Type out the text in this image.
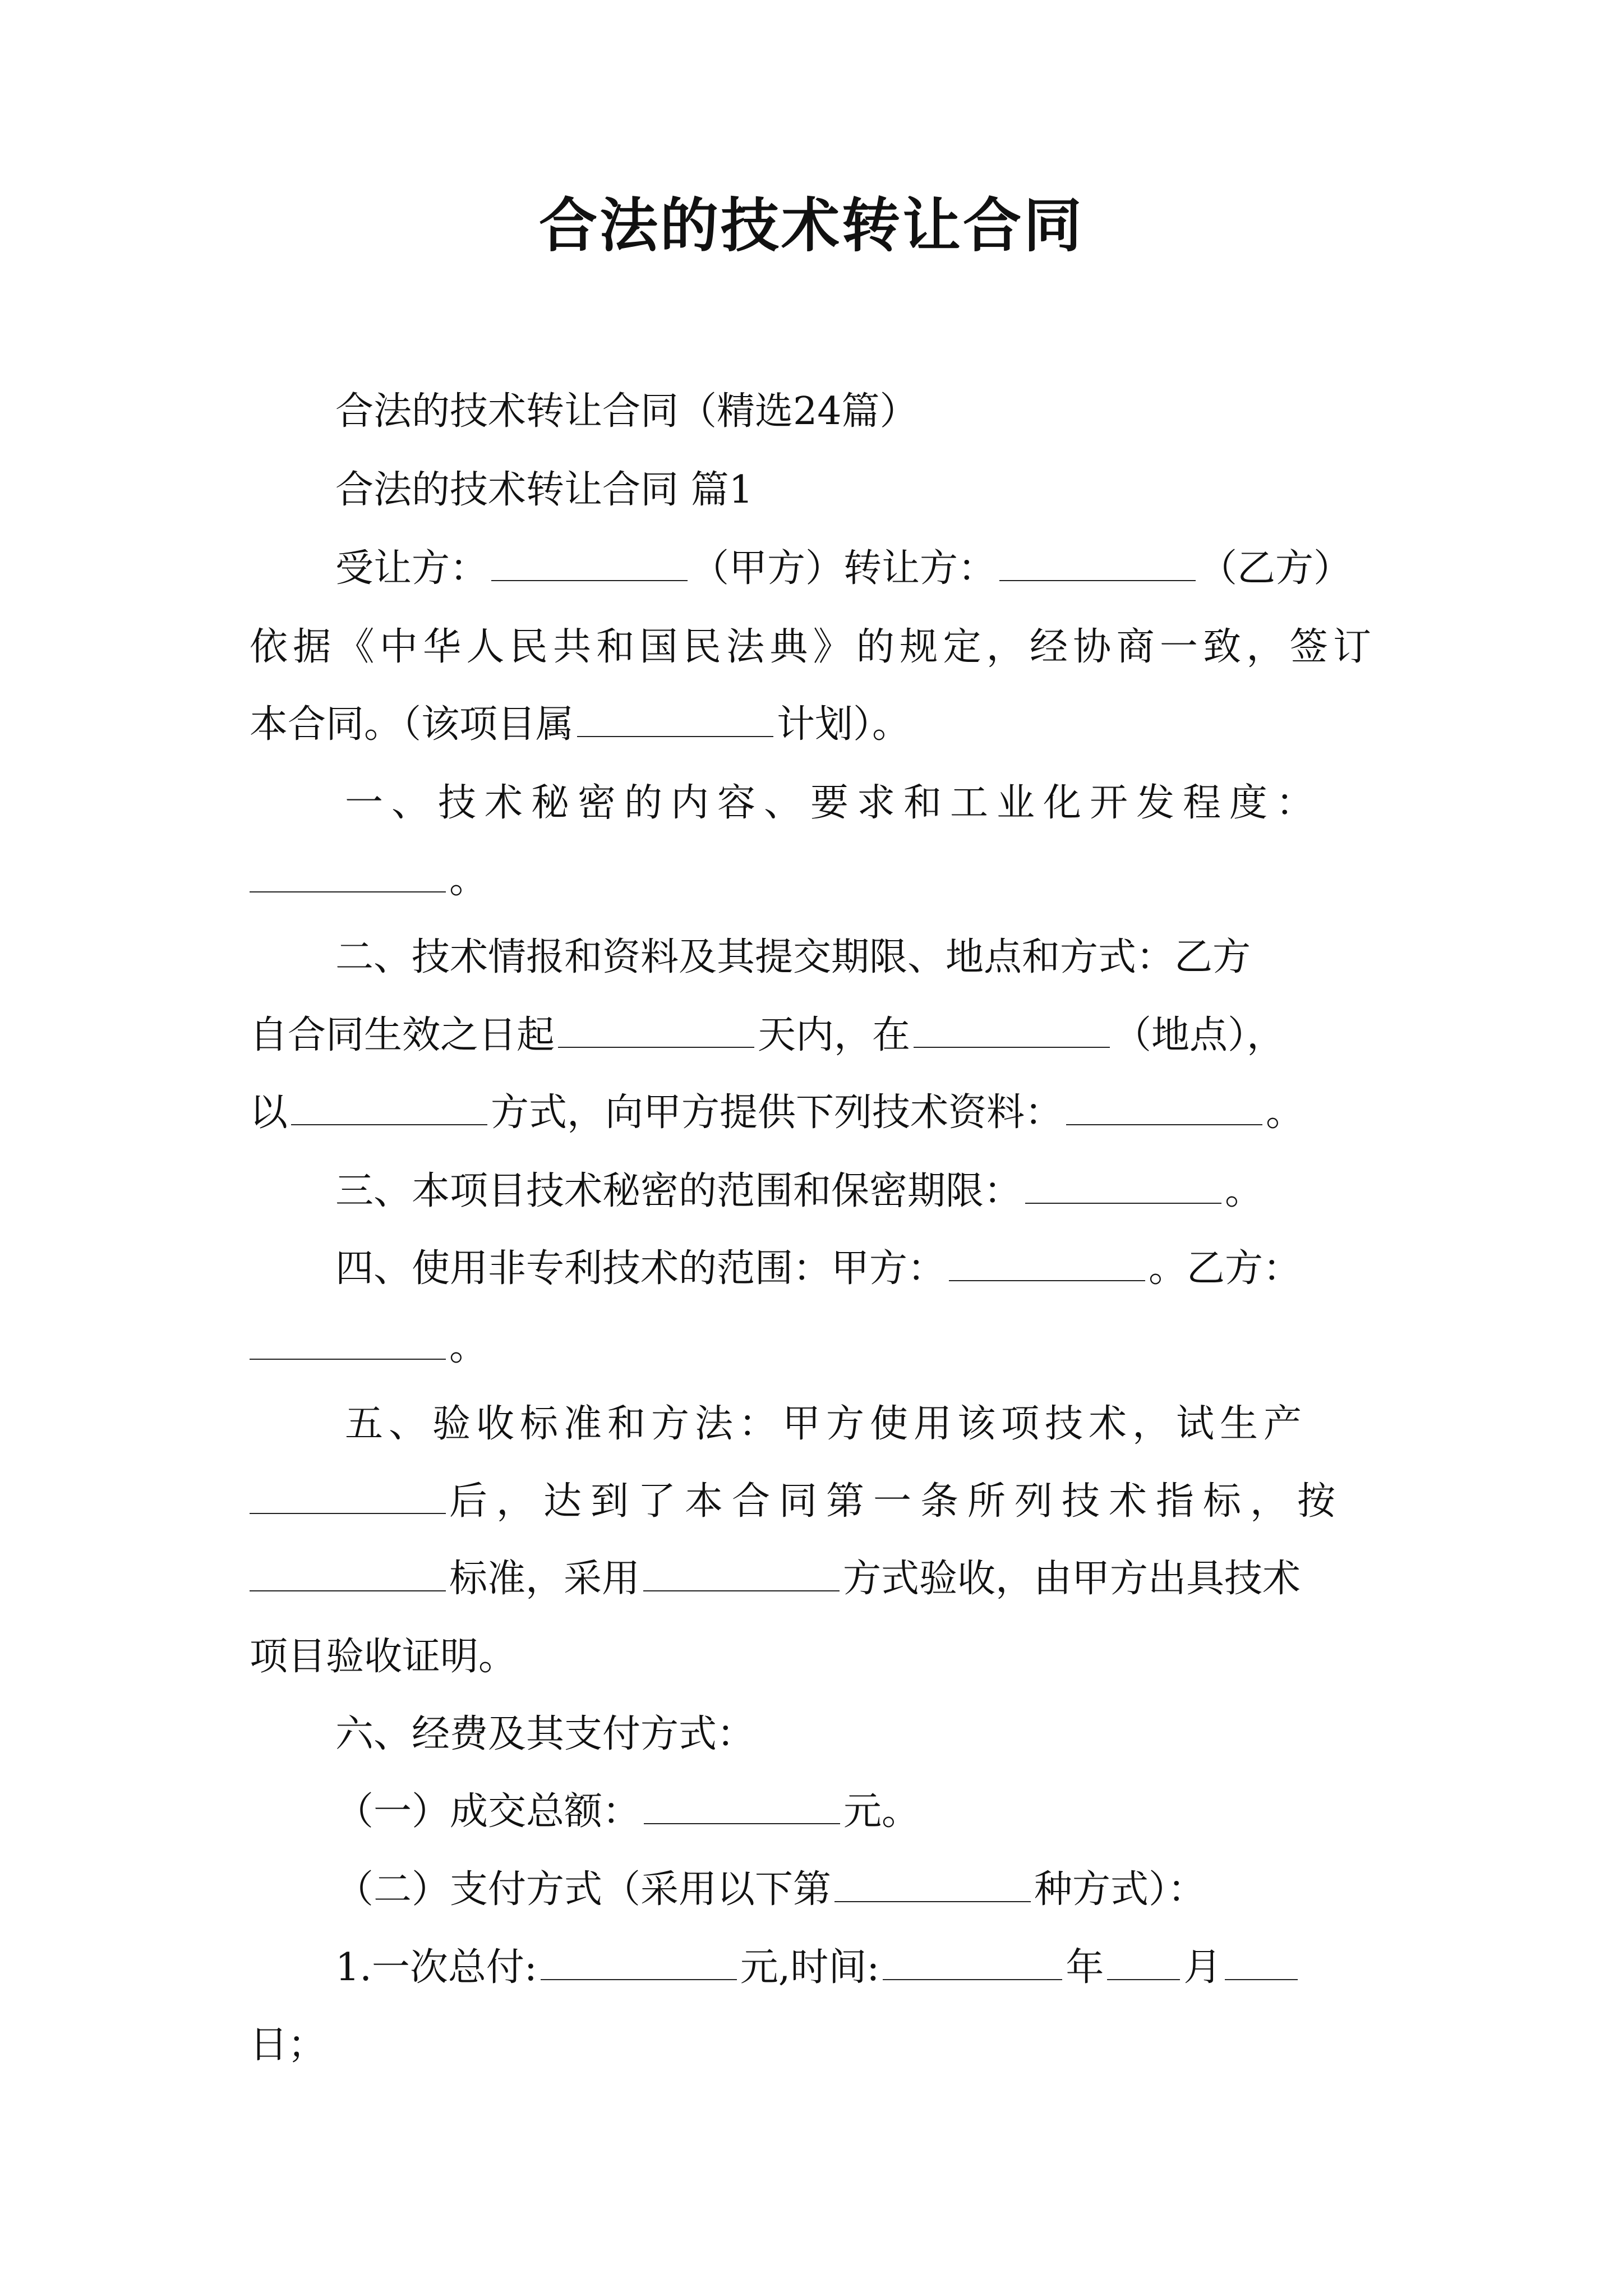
合法的技术转让合同
合法的技术转让合同（精选24篇）
合法的技术转让合同 篇1
受让方：	（甲方）转让方：	（乙方）
依据《中华人民共和国民法典》的规定，经协商一致，签订
本合同。（该项目属	计划）。
一、技术秘密的内容、要求和工业化开发程度：
。
二、技术情报和资料及其提交期限、地点和方式：乙方
自合同生效之日起	天内，在	（地点），
以	方式，向甲方提供下列技术资料：	。
三、本项目技术秘密的范围和保密期限：	。
四、使用非专利技术的范围：甲方：	。乙方：
。
五、验收标准和方法：甲方使用该项技术，试生产
后，达到了本合同第一条所列技术指标，按
标准，采用	方式验收，由甲方出具技术
项目验收证明。
六、经费及其支付方式：
（一）成交总额：	元。
（二）支付方式（采用以下第	种方式）：
1.一次总付:	元,时间:	年 月
日；
